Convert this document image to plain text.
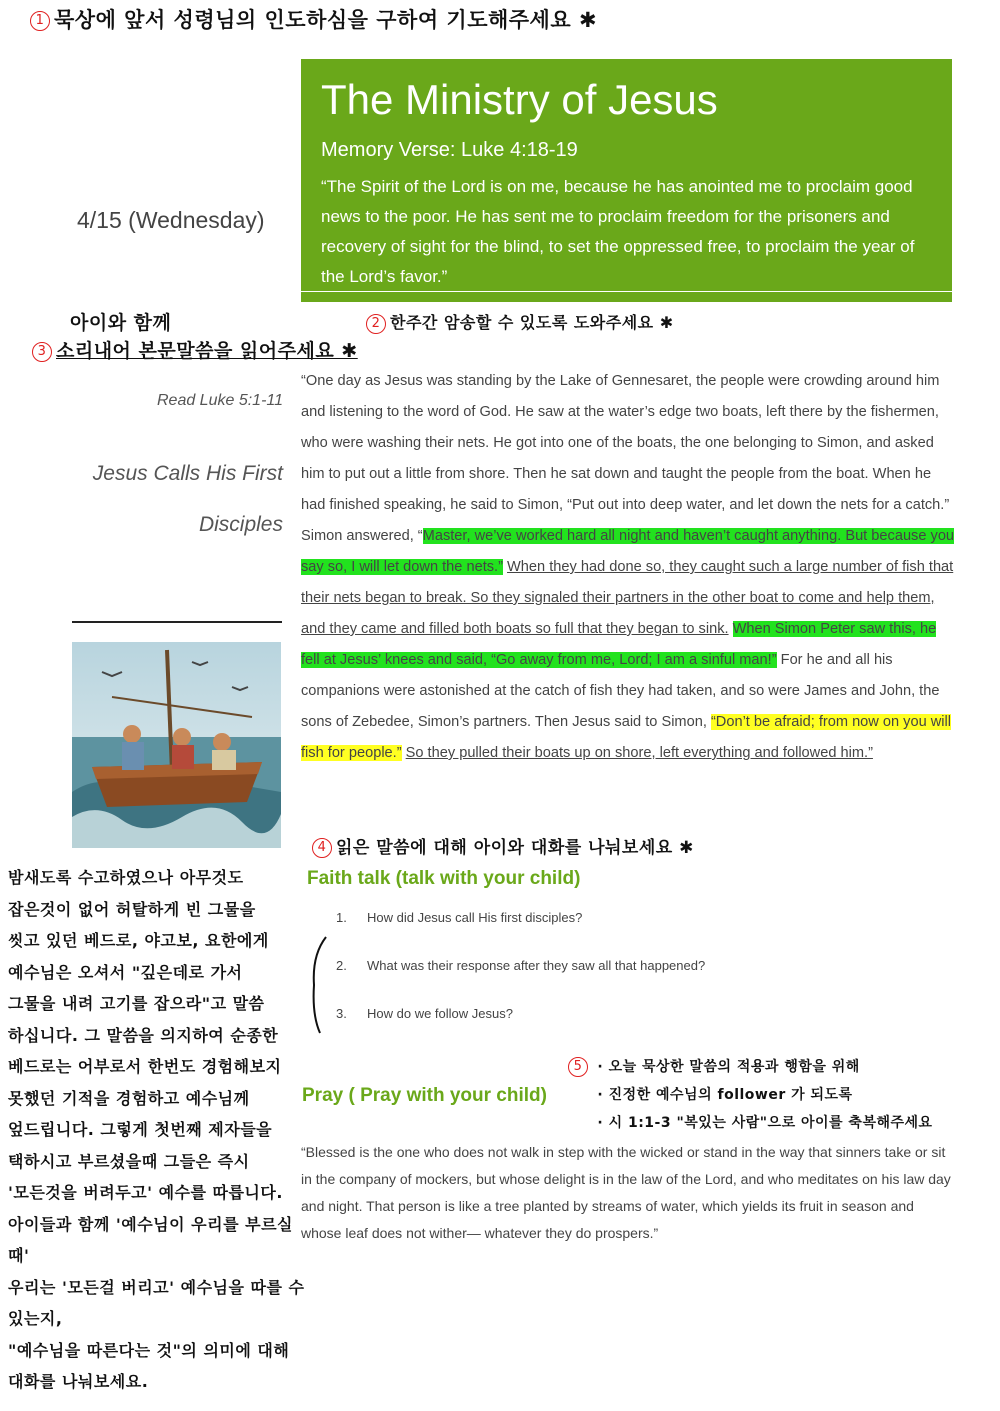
1 묵상에 앞서 성령님의 인도하심을 구하여 기도해주세요 ✱
The Ministry of Jesus
Memory Verse: Luke 4:18-19
“The Spirit of the Lord is on me, because he has anointed me to proclaim good news to the poor. He has sent me to proclaim freedom for the prisoners and recovery of sight for the blind, to set the oppressed free, to proclaim the year of the Lord’s favor.”
4/15 (Wednesday)
2 한주간 암송할 수 있도록 도와주세요 ✱
아이와 함께
3 소리내어 본문말씀을 읽어주세요 ✱
Read Luke 5:1-11
Jesus Calls His First Disciples
“One day as Jesus was standing by the Lake of Gennesaret, the people were crowding around him and listening to the word of God. He saw at the water’s edge two boats, left there by the fishermen, who were washing their nets. He got into one of the boats, the one belonging to Simon, and asked him to put out a little from shore. Then he sat down and taught the people from the boat. When he had finished speaking, he said to Simon, “Put out into deep water, and let down the nets for a catch.” Simon answered, “Master, we’ve worked hard all night and haven’t caught anything. But because you say so, I will let down the nets.” When they had done so, they caught such a large number of fish that their nets began to break. So they signaled their partners in the other boat to come and help them, and they came and filled both boats so full that they began to sink. When Simon Peter saw this, he fell at Jesus’ knees and said, “Go away from me, Lord; I am a sinful man!” For he and all his companions were astonished at the catch of fish they had taken, and so were James and John, the sons of Zebedee, Simon’s partners. Then Jesus said to Simon, “Don’t be afraid; from now on you will fish for people.” So they pulled their boats up on shore, left everything and followed him.”
4 읽은 말씀에 대해 아이와 대화를 나눠보세요 ✱
Faith talk (talk with your child)
1.	How did Jesus call His first disciples?
2.	What was their response after they saw all that happened?
3.	How do we follow Jesus?
Pray ( Pray with your child)
5 · 오늘 묵상한 말씀의 적용과 행함을 위해
· 진정한 예수님의 follower 가 되도록
· 시 1:1-3 "복있는 사람"으로 아이를 축복해주세요
“Blessed is the one who does not walk in step with the wicked or stand in the way that sinners take or sit in the company of mockers, but whose delight is in the law of the Lord, and who meditates on his law day and night. That person is like a tree planted by streams of water, which yields its fruit in season and whose leaf does not wither— whatever they do prospers.”
밤새도록 수고하였으나 아무것도
잡은것이 없어 허탈하게 빈 그물을
씻고 있던 베드로, 야고보, 요한에게
예수님은 오셔서 "깊은데로 가서
그물을 내려 고기를 잡으라"고 말씀
하십니다. 그 말씀을 의지하여 순종한
베드로는 어부로서 한번도 경험해보지
못했던 기적을 경험하고 예수님께
엎드립니다. 그렇게 첫번째 제자들을
택하시고 부르셨을때 그들은 즉시
'모든것을 버려두고' 예수를 따릅니다.
아이들과 함께 '예수님이 우리를 부르실때'
우리는 '모든걸 버리고' 예수님을 따를 수 있는지,
"예수님을 따른다는 것"의 의미에 대해
대화를 나눠보세요.
